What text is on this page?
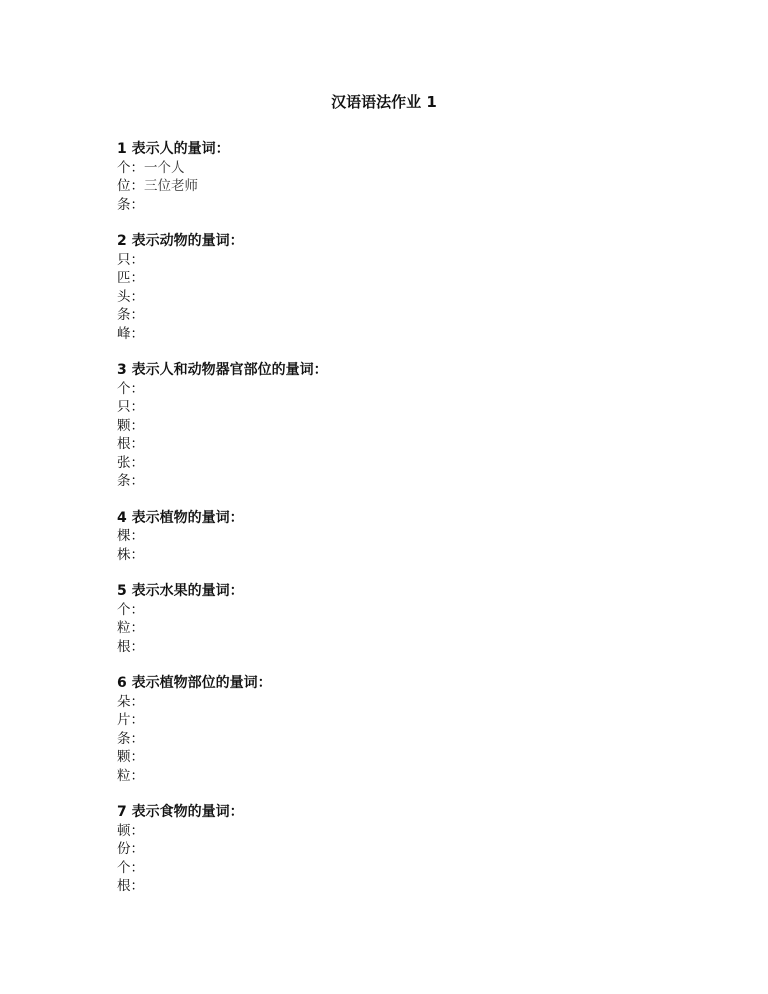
汉语语法作业 1
1 表示人的量词：
个：一个人
位：三位老师
条：
2 表示动物的量词：
只：
匹：
头：
条：
峰：
3 表示人和动物器官部位的量词：
个：
只：
颗：
根：
张：
条：
4 表示植物的量词：
棵：
株：
5 表示水果的量词：
个：
粒：
根：
6 表示植物部位的量词：
朵：
片：
条：
颗：
粒：
7 表示食物的量词：
顿：
份：
个：
根：
